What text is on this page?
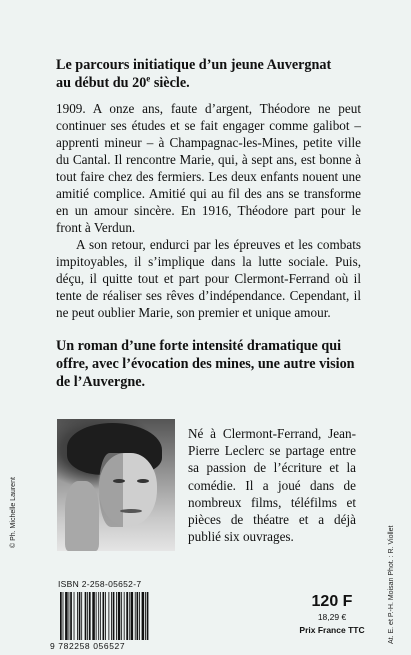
Le parcours initiatique d’un jeune Auvergnat
au début du 20e siècle.

1909. A onze ans, faute d’argent, Théodore ne peut continuer ses études et se fait engager comme galibot – apprenti mineur – à Champagnac-les-Mines, petite ville du Cantal. Il rencontre Marie, qui, à sept ans, est bonne à tout faire chez des fermiers. Les deux enfants nouent une amitié complice. Amitié qui au fil des ans se transforme en un amour sincère. En 1916, Théodore part pour le front à Verdun.

A son retour, endurci par les épreuves et les combats impitoyables, il s’implique dans la lutte sociale. Puis, déçu, il quitte tout et part pour Clermont-Ferrand où il tente de réaliser ses rêves d’indépendance. Cependant, il ne peut oublier Marie, son premier et unique amour.

Un roman d’une forte intensité dramatique qui offre, avec l’évocation des mines, une autre vision de l’Auvergne.
© Ph. Michelle Laurent
Né à Clermont-Ferrand, Jean-Pierre Leclerc se partage entre sa passion de l’écriture et la comédie. Il a joué dans de nombreux films, téléfilms et pièces de théatre et a déjà publié six ouvrages.	At. E. et P.-H. Moisan Phot. : R. Viollet
ISBN 2-258-05652-7
9 782258 056527
120 F
18,29 €
Prix France TTC
